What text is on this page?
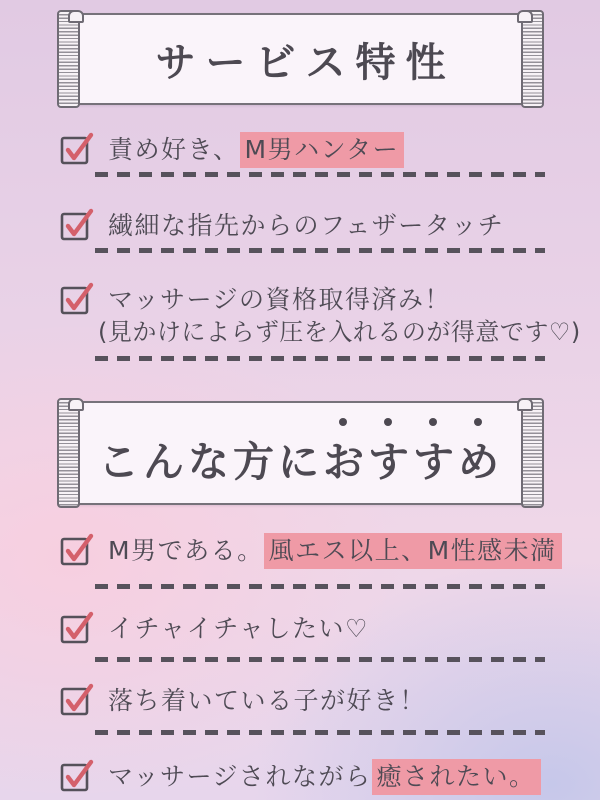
サービス特性
責め好き、 M男ハンター
繊細な指先からのフェザータッチ
マッサージの資格取得済み！
(見かけによらず圧を入れるのが得意です♡)
こんな方におすすめ
M男である。 風エス以上、M性感未満
イチャイチャしたい♡
落ち着いている子が好き！
マッサージされながら 癒されたい。
